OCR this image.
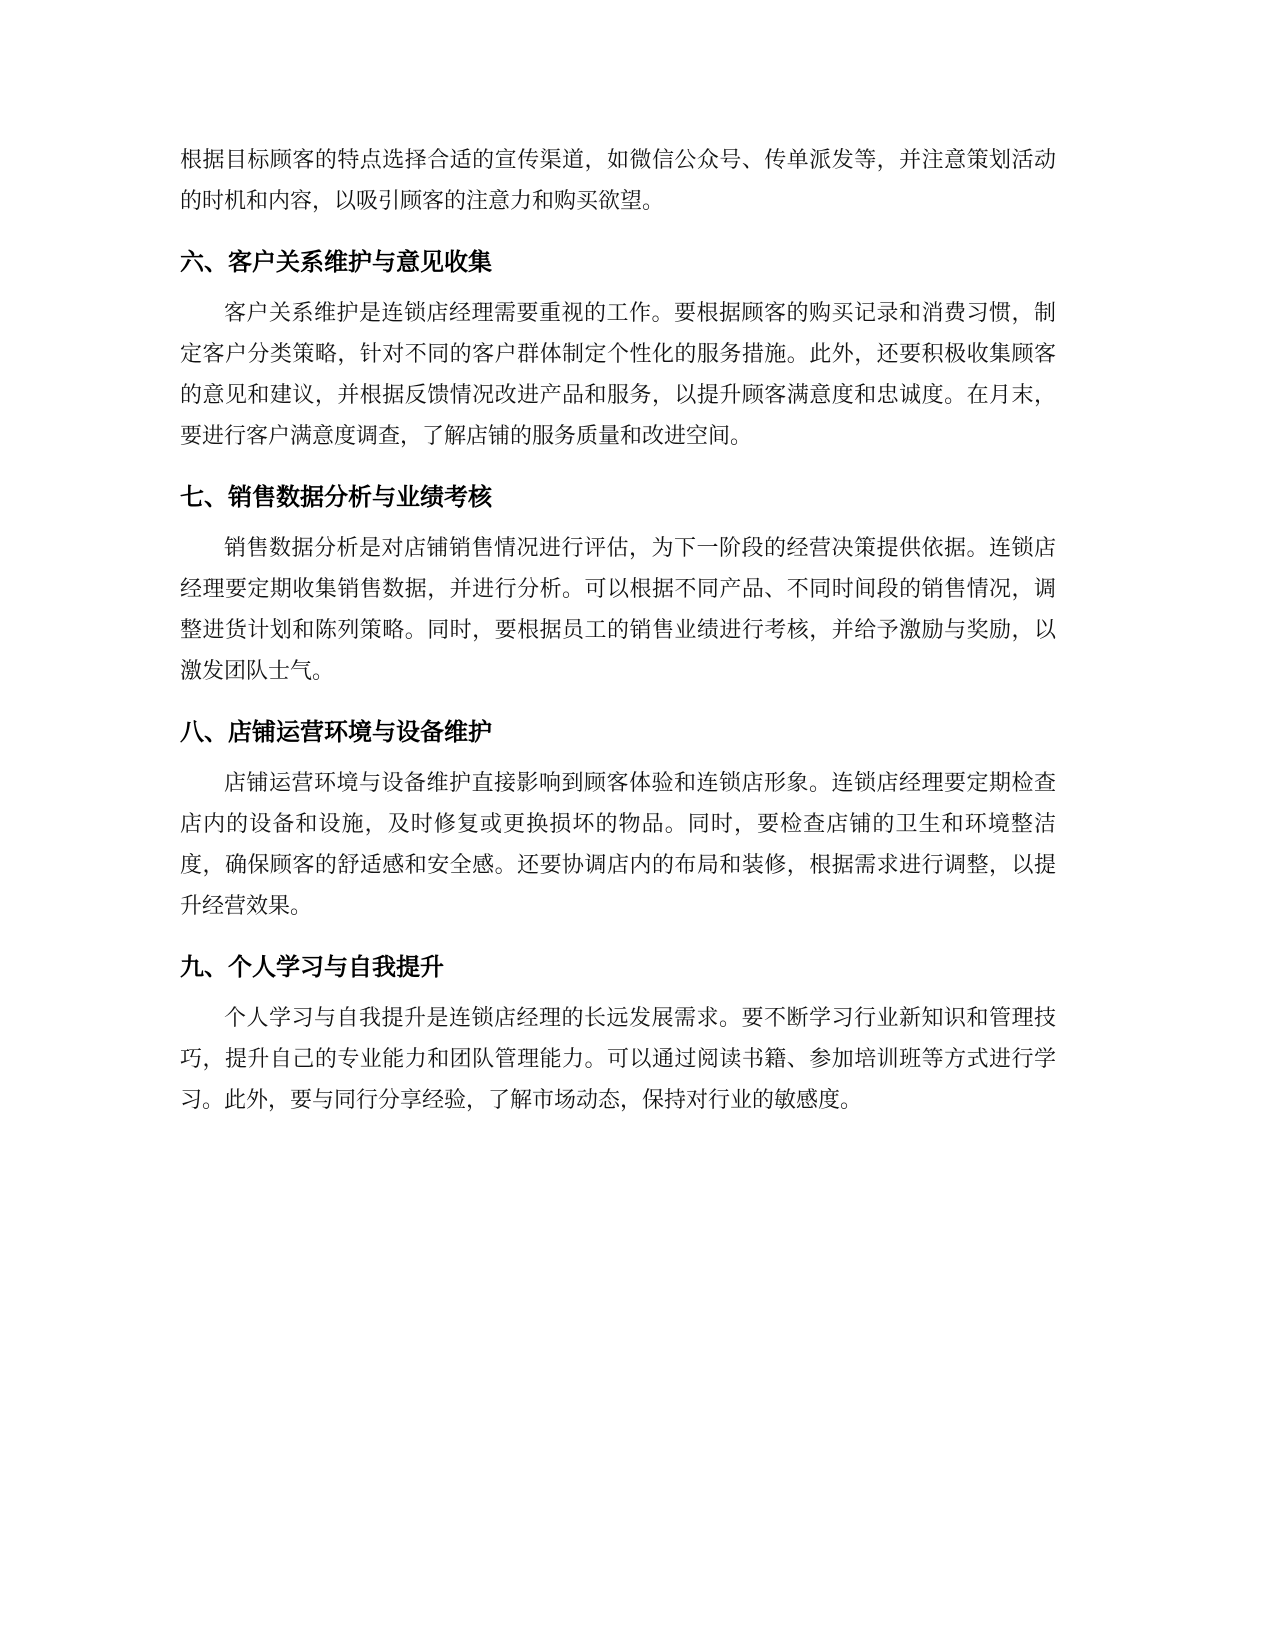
根据目标顾客的特点选择合适的宣传渠道，如微信公众号、传单派发等，并注意策划活动的时机和内容，以吸引顾客的注意力和购买欲望。

六、客户关系维护与意见收集

客户关系维护是连锁店经理需要重视的工作。要根据顾客的购买记录和消费习惯，制定客户分类策略，针对不同的客户群体制定个性化的服务措施。此外，还要积极收集顾客的意见和建议，并根据反馈情况改进产品和服务，以提升顾客满意度和忠诚度。在月末，要进行客户满意度调查，了解店铺的服务质量和改进空间。

七、销售数据分析与业绩考核

销售数据分析是对店铺销售情况进行评估，为下一阶段的经营决策提供依据。连锁店经理要定期收集销售数据，并进行分析。可以根据不同产品、不同时间段的销售情况，调整进货计划和陈列策略。同时，要根据员工的销售业绩进行考核，并给予激励与奖励，以激发团队士气。

八、店铺运营环境与设备维护

店铺运营环境与设备维护直接影响到顾客体验和连锁店形象。连锁店经理要定期检查店内的设备和设施，及时修复或更换损坏的物品。同时，要检查店铺的卫生和环境整洁度，确保顾客的舒适感和安全感。还要协调店内的布局和装修，根据需求进行调整，以提升经营效果。

九、个人学习与自我提升

个人学习与自我提升是连锁店经理的长远发展需求。要不断学习行业新知识和管理技巧，提升自己的专业能力和团队管理能力。可以通过阅读书籍、参加培训班等方式进行学习。此外，要与同行分享经验，了解市场动态，保持对行业的敏感度。
